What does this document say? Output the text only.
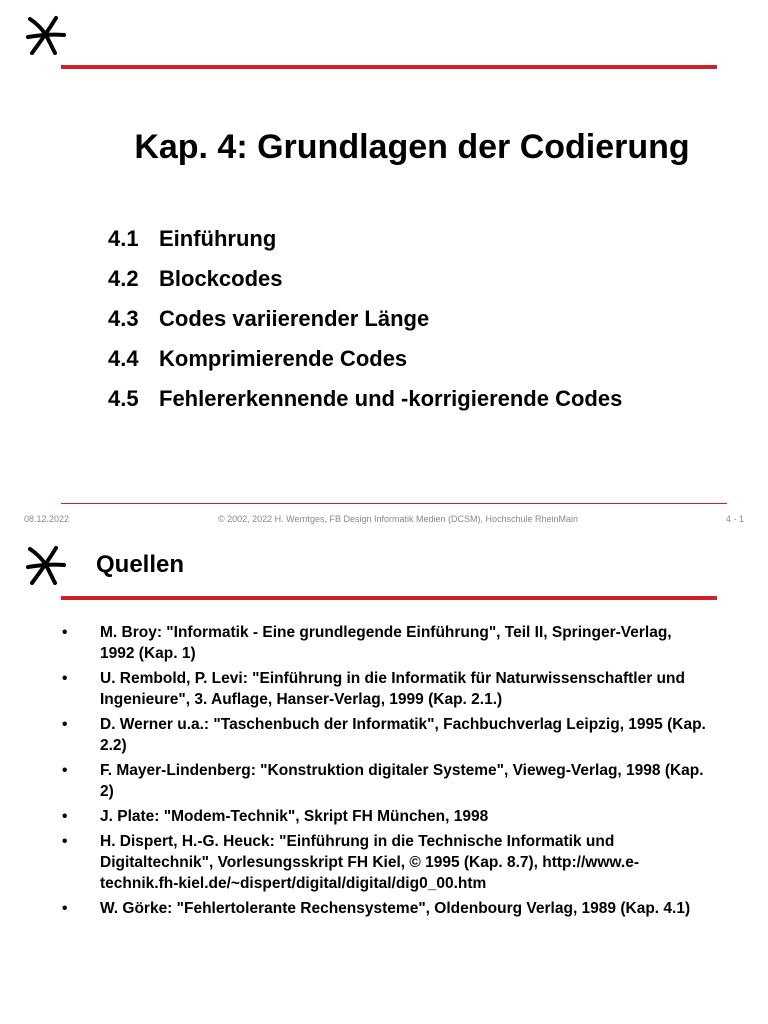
Kap. 4: Grundlagen der Codierung
4.1 Einführung
4.2 Blockcodes
4.3 Codes variierender Länge
4.4 Komprimierende Codes
4.5 Fehlererkennende und -korrigierende Codes
08.12.2022	© 2002, 2022 H. Werntges, FB Design Informatik Medien (DCSM), Hochschule RheinMain	4 - 1
Quellen
• M. Broy: "Informatik - Eine grundlegende Einführung", Teil II, Springer-Verlag, 1992 (Kap. 1)
• U. Rembold, P. Levi: "Einführung in die Informatik für Naturwissenschaftler und Ingenieure", 3. Auflage, Hanser-Verlag, 1999 (Kap. 2.1.)
• D. Werner u.a.: "Taschenbuch der Informatik", Fachbuchverlag Leipzig, 1995 (Kap. 2.2)
• F. Mayer-Lindenberg: "Konstruktion digitaler Systeme", Vieweg-Verlag, 1998 (Kap. 2)
• J. Plate: "Modem-Technik", Skript FH München, 1998
• H. Dispert, H.-G. Heuck: "Einführung in die Technische Informatik und Digitaltechnik", Vorlesungsskript FH Kiel, © 1995 (Kap. 8.7), http://www.e-technik.fh-kiel.de/~dispert/digital/digital/dig0_00.htm
• W. Görke: "Fehlertolerante Rechensysteme", Oldenbourg Verlag, 1989 (Kap. 4.1)
